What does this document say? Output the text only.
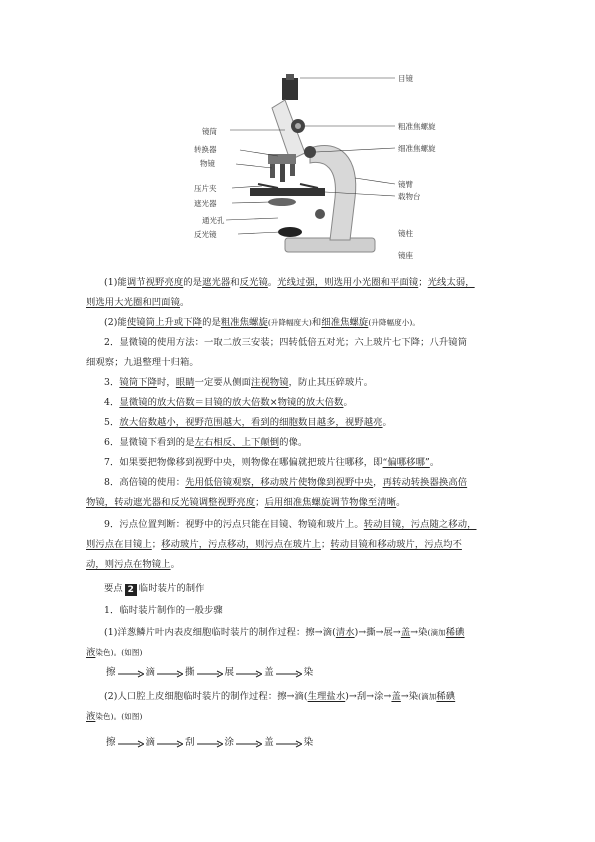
镜筒
转换器
物镜
压片夹
遮光器
通光孔
反光镜
目镜
粗准焦螺旋
细准焦螺旋
镜臂
载物台
镜柱
镜座
(1)能调节视野亮度的是遮光器和反光镜。光线过强，则选用小光圈和平面镜；光线太弱，
则选用大光圈和凹面镜。
(2)能使镜筒上升或下降的是粗准焦螺旋(升降幅度大)和细准焦螺旋(升降幅度小)。
2．显微镜的使用方法：一取二放三安装；四转低倍五对光；六上玻片七下降；八升镜筒
细观察；九退整理十归箱。
3．镜筒下降时，眼睛一定要从侧面注视物镜，防止其压碎玻片。
4．显微镜的放大倍数＝目镜的放大倍数×物镜的放大倍数。
5．放大倍数越小，视野范围越大，看到的细胞数目越多，视野越亮。
6．显微镜下看到的是左右相反、上下颠倒的像。
7．如果要把物像移到视野中央，则物像在哪偏就把玻片往哪移，即“偏哪移哪”。
8．高倍镜的使用：先用低倍镜观察，移动玻片使物像到视野中央，再转动转换器换高倍
物镜，转动遮光器和反光镜调整视野亮度；后用细准焦螺旋调节物像至清晰。
9．污点位置判断：视野中的污点只能在目镜、物镜和玻片上。转动目镜，污点随之移动，
则污点在目镜上；移动玻片，污点移动，则污点在玻片上；转动目镜和移动玻片，污点均不
动，则污点在物镜上。
要点 2 临时装片的制作
1．临时装片制作的一般步骤
(1)洋葱鳞片叶内表皮细胞临时装片的制作过程：擦→滴(清水)→撕→展→盖→染(滴加稀碘
液染色)。(如图)
擦	滴	撕	展	盖	染
(2)人口腔上皮细胞临时装片的制作过程：擦→滴(生理盐水)→刮→涂→盖→染(滴加稀碘
液染色)。(如图)
擦	滴	刮	涂	盖	染
